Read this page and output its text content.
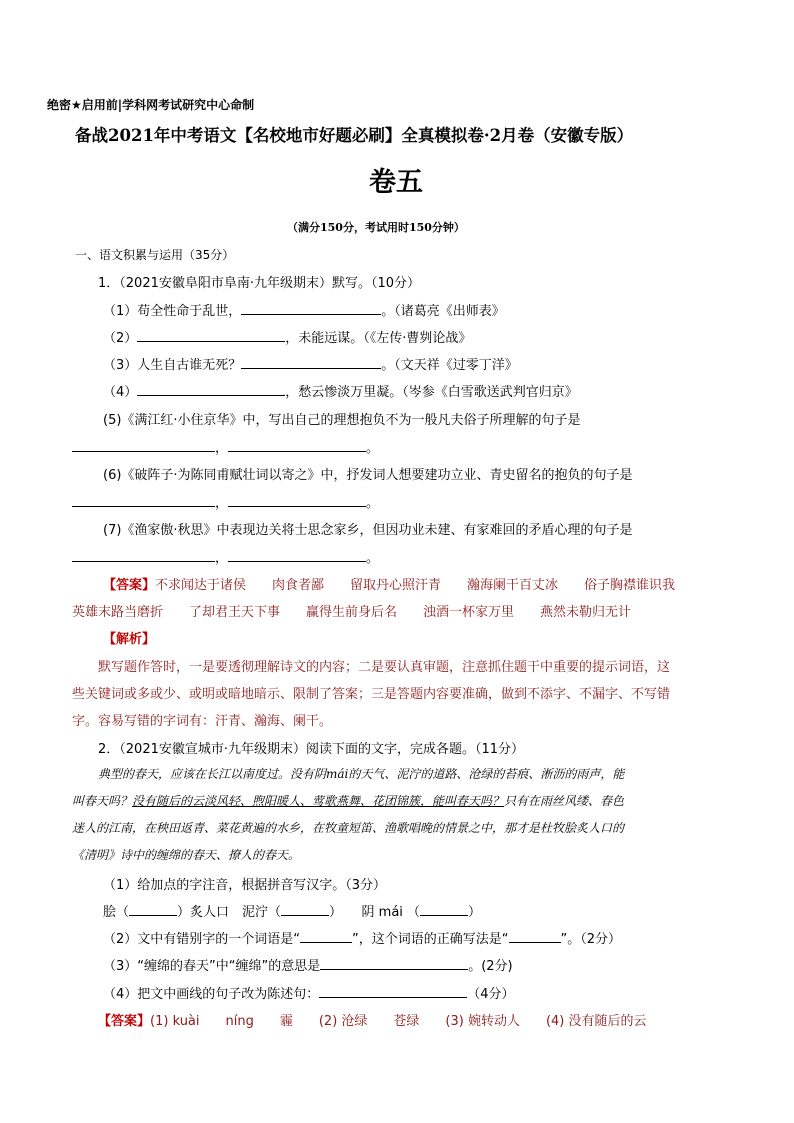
绝密★启用前|学科网考试研究中心命制
备战2021年中考语文【名校地市好题必刷】全真模拟卷·2月卷（安徽专版）
卷五
（满分150分，考试用时150分钟）
一、语文积累与运用（35分）
1．（2021安徽阜阳市阜南·九年级期末）默写。（10分）
（1）苟全性命于乱世，	。（诸葛亮《出师表》
（2）	，未能远谋。（《左传·曹刿论战》
（3）人生自古谁无死？	。（文天祥《过零丁洋》
（4）	，愁云惨淡万里凝。（岑参《白雪歌送武判官归京》
(5)《满江红·小住京华》中，写出自己的理想抱负不为一般凡夫俗子所理解的句子是
，	。
(6)《破阵子·为陈同甫赋壮词以寄之》中，抒发词人想要建功立业、青史留名的抱负的句子是
，	。
(7)《渔家傲·秋思》中表现边关将士思念家乡，但因功业未建、有家难回的矛盾心理的句子是
，	。
【答案】不求闻达于诸侯　　肉食者鄙　　留取丹心照汗青　　瀚海阑干百丈冰　　俗子胸襟谁识我
英雄末路当磨折　　了却君王天下事　　赢得生前身后名　　浊酒一杯家万里　　燕然未勒归无计
【解析】
默写题作答时，一是要透彻理解诗文的内容；二是要认真审题，注意抓住题干中重要的提示词语，这
些关键词或多或少、或明或暗地暗示、限制了答案；三是答题内容要准确，做到不添字、不漏字、不写错
字。容易写错的字词有：汗青、瀚海、阑干。
2．（2021安徽宣城市·九年级期末）阅读下面的文字，完成各题。（11分）
典型的春天，应该在长江以南度过。没有阴mái的天气、泥泞的道路、沧绿的苔痕、淅沥的雨声，能
叫春天吗？没有随后的云淡风轻、煦阳暖人、莺歌燕舞、花团锦簇，能叫春天吗？只有在雨丝风缕、春色
迷人的江南，在秧田返青、菜花黄遍的水乡，在牧童短笛、渔歌唱晚的情景之中，那才是杜牧脍炙人口的
《清明》诗中的缠绵的春天、撩人的春天。
（1）给加点的字注音，根据拼音写汉字。（3分）
脍（	）炙人口　泥泞（	）　　阴 mái （	）
（2）文中有错别字的一个词语是“	”，这个词语的正确写法是“	”。（2分）
（3）“缠绵的春天”中“缠绵”的意思是	。(2分)
（4）把文中画线的句子改为陈述句：	（4分）
【答案】(1) kuài　　níng　　霾　　(2) 沧绿　　苍绿　　(3) 婉转动人　　(4) 没有随后的云
